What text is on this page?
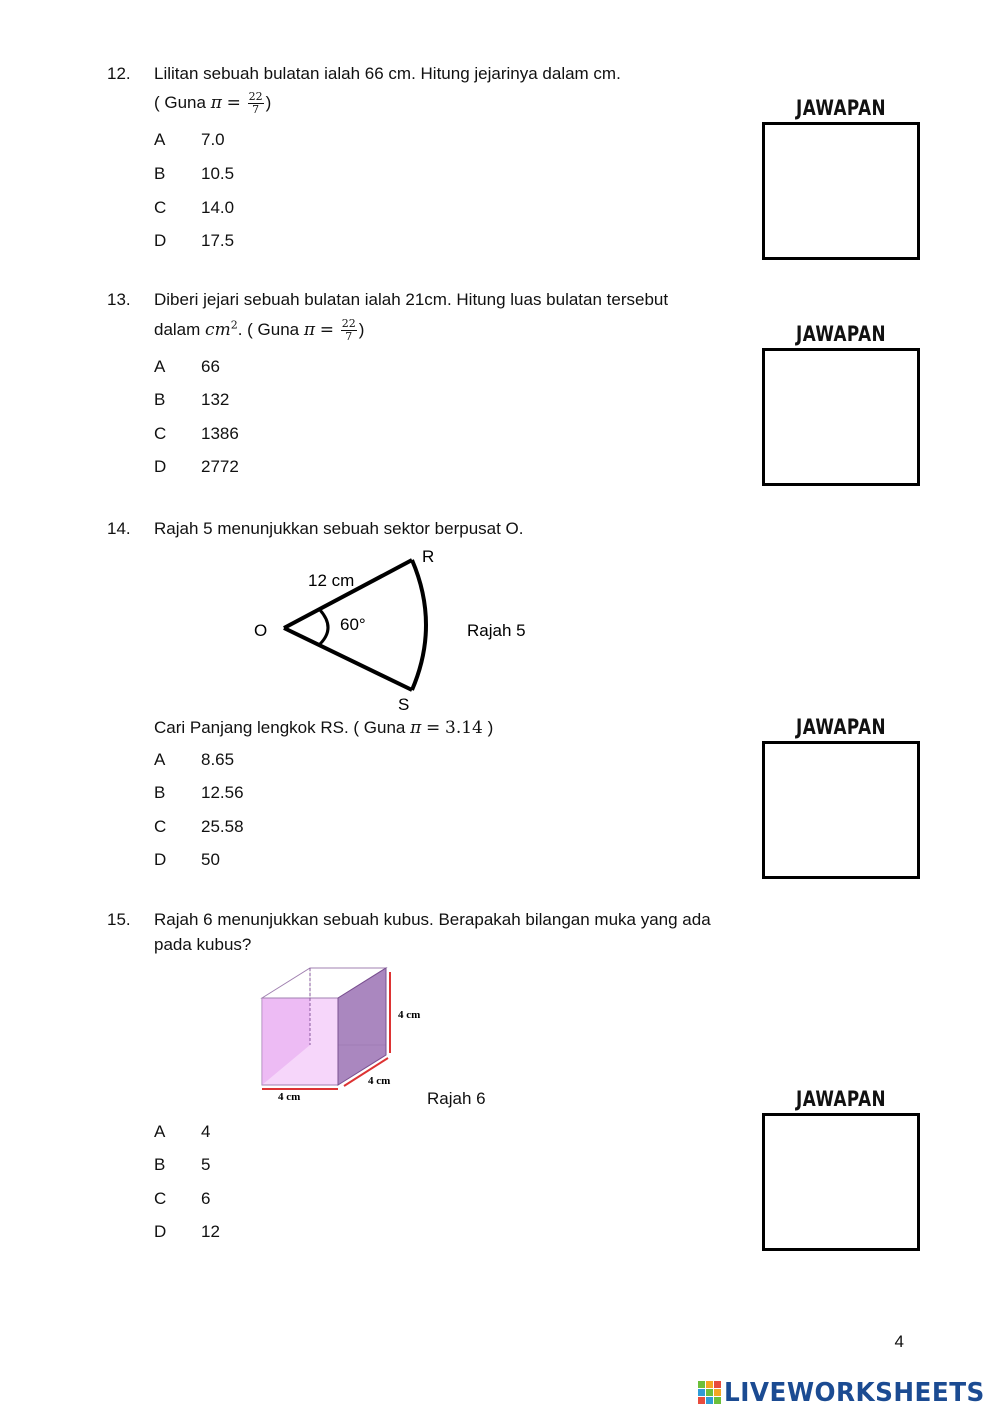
12. Lilitan sebuah bulatan ialah 66 cm. Hitung jejarinya dalam cm.
( Guna $\pi = \frac{22}{7}$ )
A 7.0
B 10.5
C 14.0
D 17.5
JAWAPAN
13. Diberi jejari sebuah bulatan ialah 21cm. Hitung luas bulatan tersebut
dalam $cm^2$. ( Guna $\pi = \frac{22}{7}$ )
A 66
B 132
C 1386
D 2772
JAWAPAN
14. Rajah 5 menunjukkan sebuah sektor berpusat O.
O
R
S
12 cm
60°	Rajah 5
Cari Panjang lengkok RS. ( Guna π = 3.14 )
A 8.65
B 12.56
C 25.58
D 50
JAWAPAN
15. Rajah 6 menunjukkan sebuah kubus. Berapakah bilangan muka yang ada
pada kubus?
4 cm
4 cm
4 cm	Rajah 6
A 4
B 5
C 6
D 12
JAWAPAN
4
LIVEWORKSHEETS
